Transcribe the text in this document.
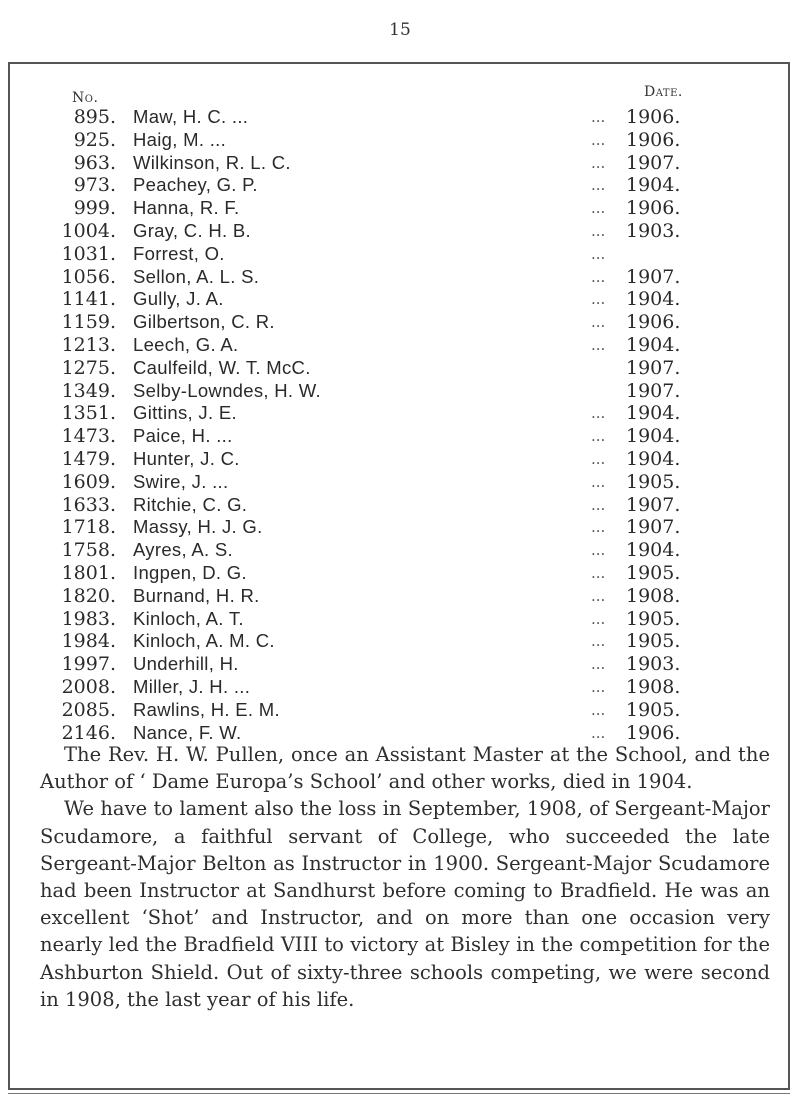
15
No.	Date.
895. Maw, H. C. ...	... 1906.
925. Haig, M. ...	... 1906.
963. Wilkinson, R. L. C.	... 1907.
973. Peachey, G. P.	... 1904.
999. Hanna, R. F.	... 1906.
1004. Gray, C. H. B.	... 1903.
1031. Forrest, O.	...
1056. Sellon, A. L. S.	... 1907.
1141. Gully, J. A.	... 1904.
1159. Gilbertson, C. R.	... 1906.
1213. Leech, G. A.	... 1904.
1275. Caulfeild, W. T. McC.	1907.
1349. Selby-Lowndes, H. W.	1907.
1351. Gittins, J. E.	... 1904.
1473. Paice, H. ...	... 1904.
1479. Hunter, J. C.	... 1904.
1609. Swire, J. ...	... 1905.
1633. Ritchie, C. G.	... 1907.
1718. Massy, H. J. G.	... 1907.
1758. Ayres, A. S.	... 1904.
1801. Ingpen, D. G.	... 1905.
1820. Burnand, H. R.	... 1908.
1983. Kinloch, A. T.	... 1905.
1984. Kinloch, A. M. C.	... 1905.
1997. Underhill, H.	... 1903.
2008. Miller, J. H. ...	... 1908.
2085. Rawlins, H. E. M.	... 1905.
2146. Nance, F. W.	... 1906.

The Rev. H. W. Pullen, once an Assistant Master at the School, and the Author of ‘ Dame Europa’s School’ and other works, died in 1904.

We have to lament also the loss in September, 1908, of Sergeant-Major Scudamore, a faithful servant of College, who succeeded the late Sergeant-Major Belton as Instructor in 1900. Sergeant-Major Scudamore had been Instructor at Sandhurst before coming to Bradfield. He was an excellent ‘Shot’ and Instructor, and on more than one occasion very nearly led the Bradfield VIII to victory at Bisley in the competition for the Ashburton Shield. Out of sixty-three schools competing, we were second in 1908, the last year of his life.
